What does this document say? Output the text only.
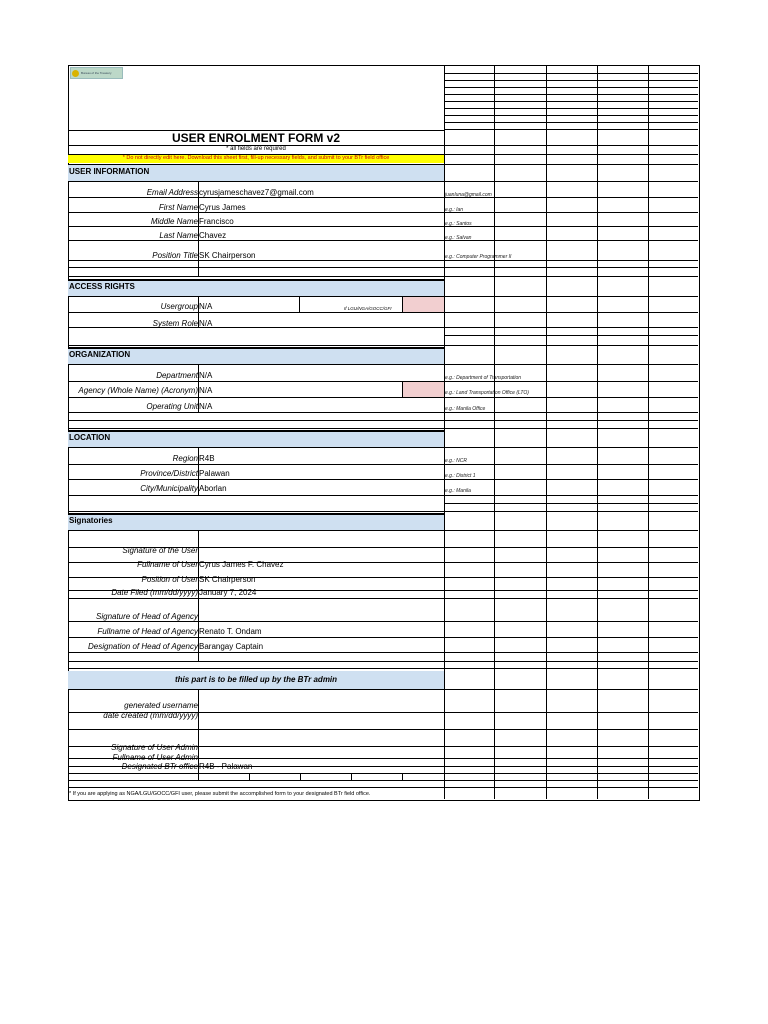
Bureau of the Treasury
USER ENROLMENT FORM v2
* all fields are required
* Do not directly edit here. Download this sheet first, fill-up necessary fields, and submit to your BTr field office
USER INFORMATION
ACCESS RIGHTS
ORGANIZATION
LOCATION
Signatories
this part is to be filled up by the BTr admin
Email Address cyrusjameschavez7@gmail.com	juanluna@gmail.com
First Name Cyrus James	e.g.: Ian
Middle Name Francisco	e.g.: Santos
Last Name Chavez	e.g.: Salvan
Position Title SK Chairperson	e.g.: Computer Programmer II
Usergroup N/A	If LGU/NGA/GOCC/GFI
System Role N/A
Department N/A	e.g.: Department of Transportation
Agency (Whole Name) (Acronym) N/A	e.g.: Land Transportation Office (LTO)
Operating Unit N/A	e.g.: Manila Office
Region R4B	e.g.: NCR
Province/District Palawan	e.g.: District 1
City/Municipality Aborlan	e.g.: Manila
Signature of the User
Fullname of User Cyrus James F. Chavez
Position of User SK Chairperson
Date Filed (mm/dd/yyyy) January 7, 2024
Signature of Head of Agency
Fullname of Head of Agency Renato T. Ondam
Designation of Head of Agency Barangay Captain
generated username
date created (mm/dd/yyyy)
Signature of User Admin
Fullname of User Admin
Designated BTr office R4B - Palawan
* If you are applying as NGA/LGU/GOCC/GFI user, please submit the accomplished form to your designated BTr field office.
